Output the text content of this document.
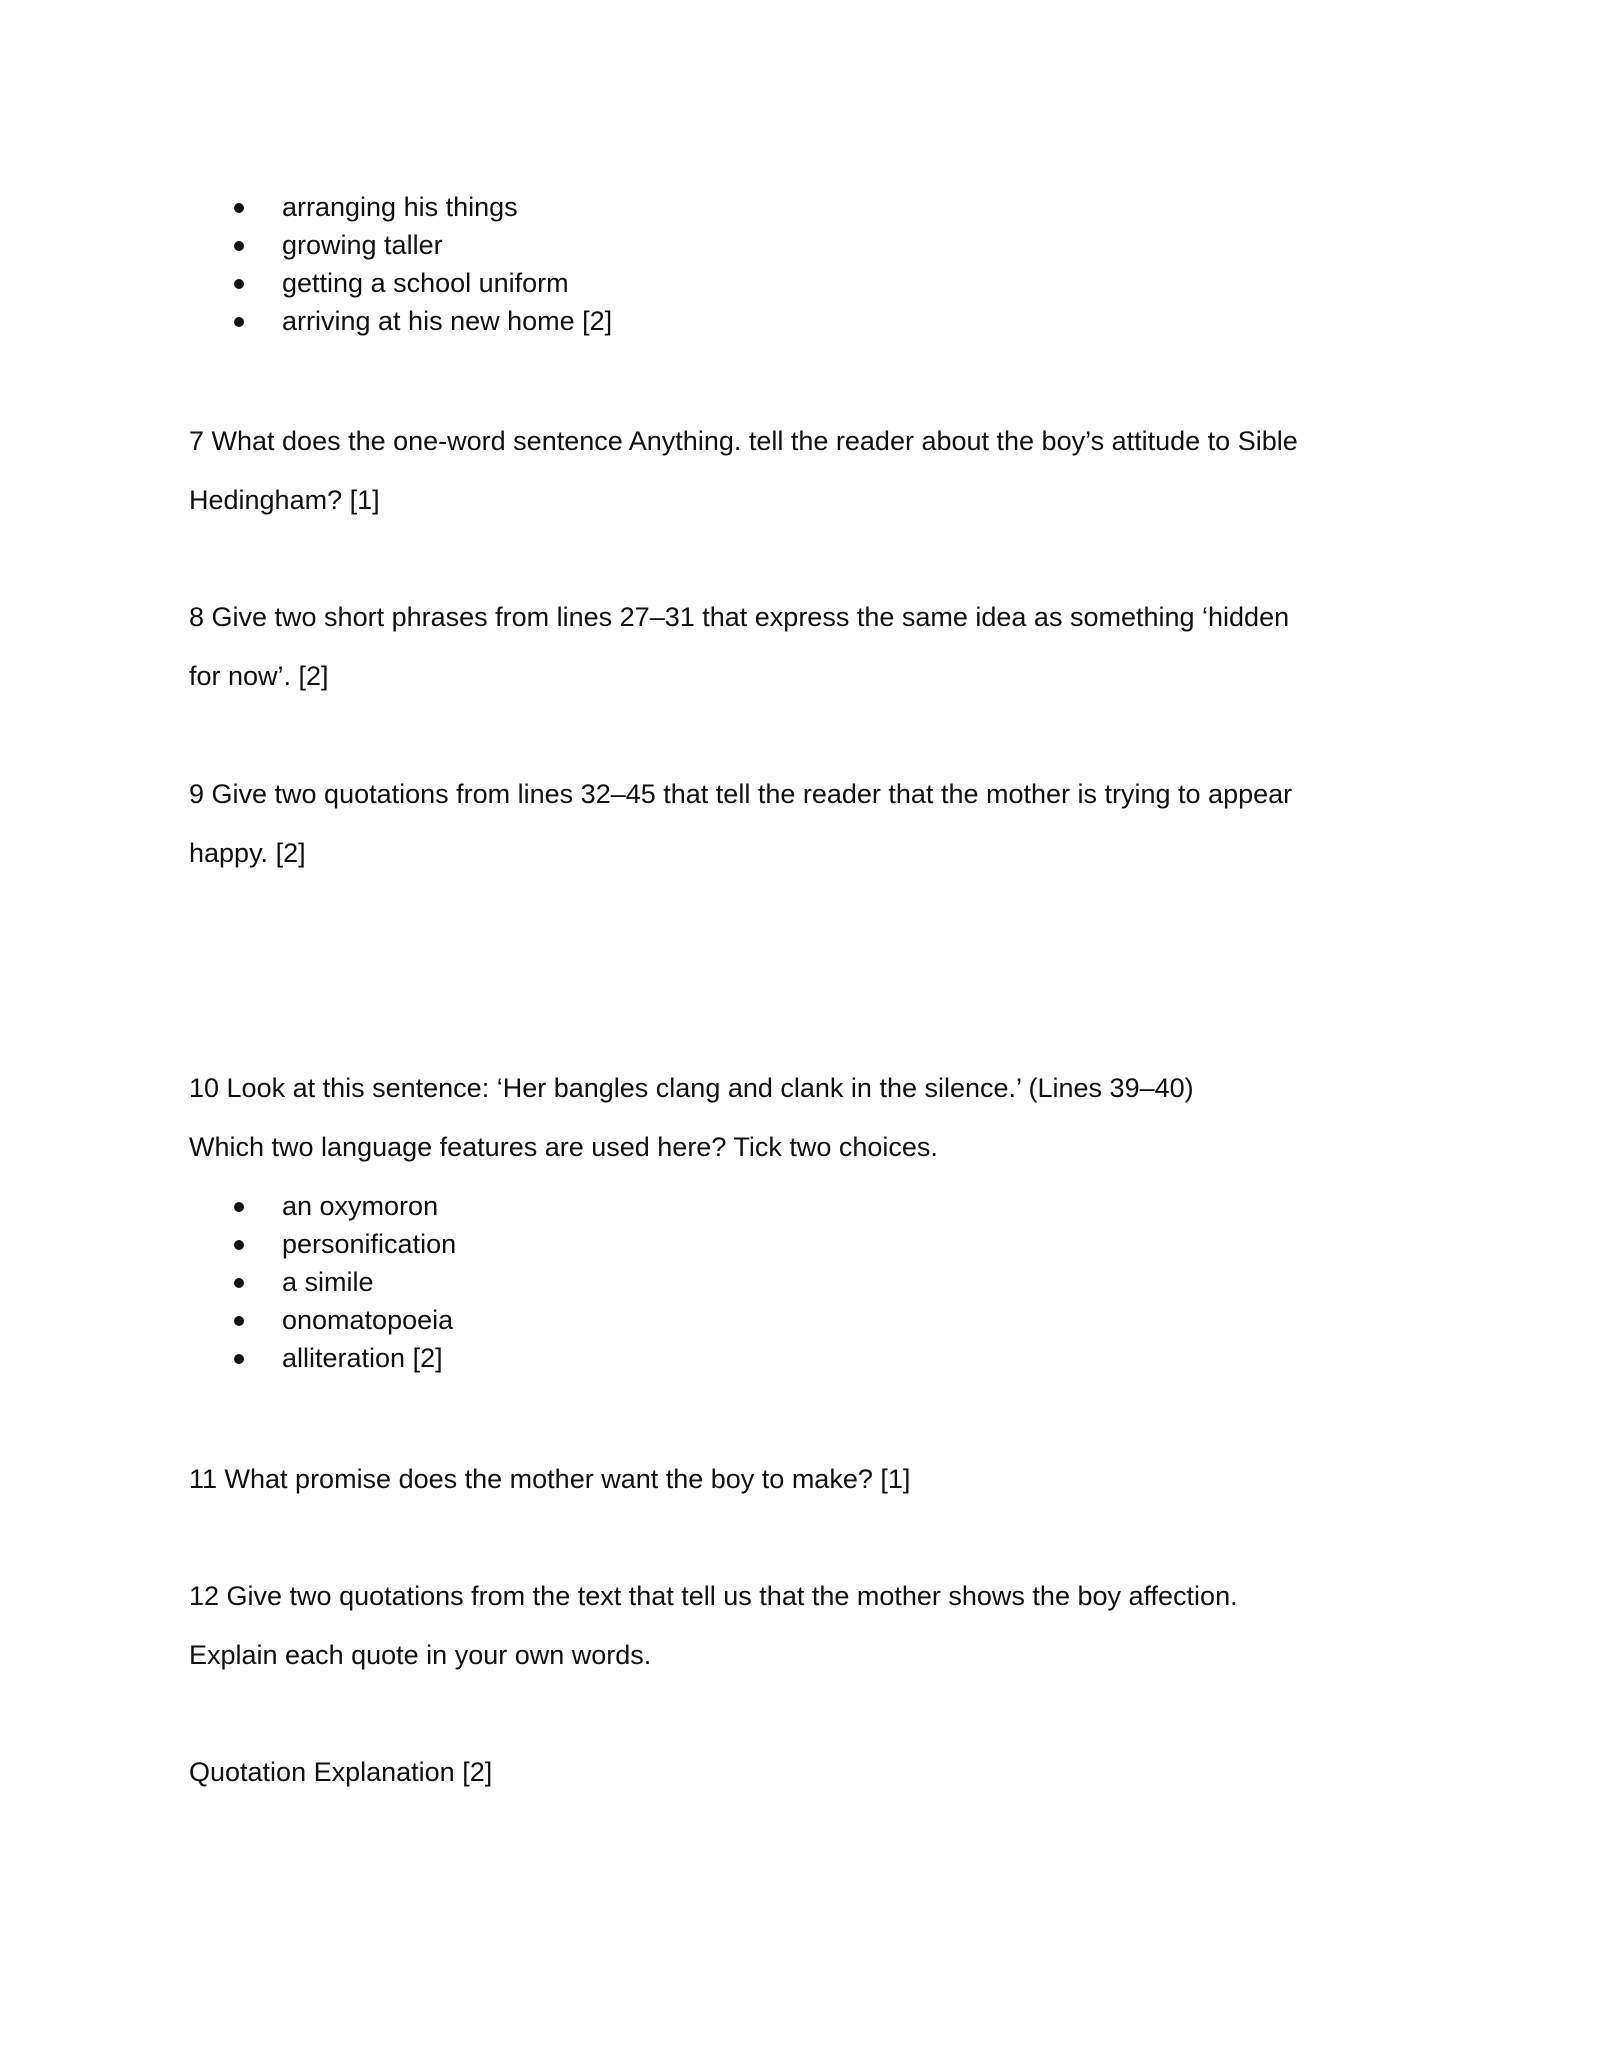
arranging his things
growing taller
getting a school uniform
arriving at his new home [2]
7 What does the one-word sentence Anything. tell the reader about the boy’s attitude to Sible
Hedingham? [1]
8 Give two short phrases from lines 27–31 that express the same idea as something ‘hidden
for now’. [2]
9 Give two quotations from lines 32–45 that tell the reader that the mother is trying to appear
happy. [2]
10 Look at this sentence: ‘Her bangles clang and clank in the silence.’ (Lines 39–40)
Which two language features are used here? Tick two choices.
an oxymoron
personification
a simile
onomatopoeia
alliteration [2]
11 What promise does the mother want the boy to make? [1]
12 Give two quotations from the text that tell us that the mother shows the boy affection.
Explain each quote in your own words.
Quotation Explanation [2]
